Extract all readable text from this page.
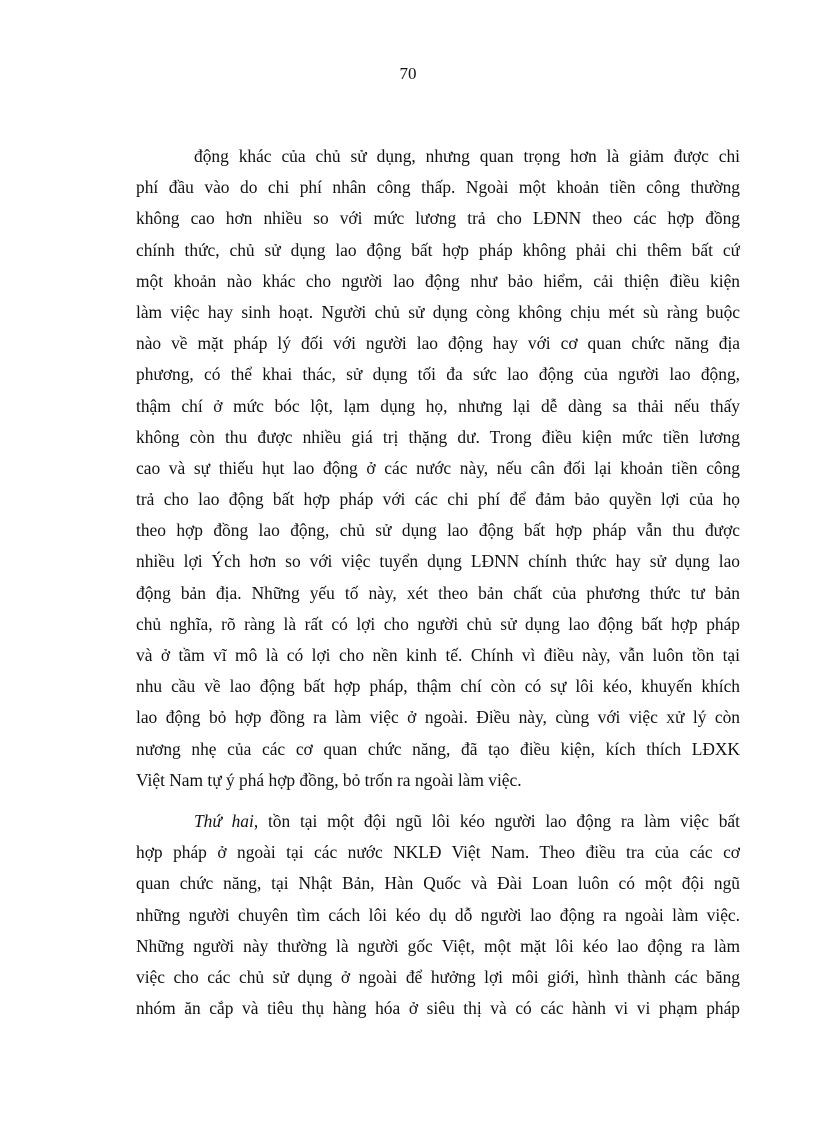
70
động khác của chủ sử dụng, nhưng quan trọng hơn là giảm được chi
phí đầu vào do chi phí nhân công thấp. Ngoài một khoản tiền công thường
không cao hơn nhiều so với mức lương trả cho LĐNN theo các hợp đồng
chính thức, chủ sử dụng lao động bất hợp pháp không phải chi thêm bất cứ
một khoản nào khác cho người lao động như bảo hiểm, cải thiện điều kiện
làm việc hay sinh hoạt. Người chủ sử dụng còng không chịu mét sù ràng buộc
nào về mặt pháp lý đối với người lao động hay với cơ quan chức năng địa
phương, có thể khai thác, sử dụng tối đa sức lao động của người lao động,
thậm chí ở mức bóc lột, lạm dụng họ, nhưng lại dễ dàng sa thải nếu thấy
không còn thu được nhiều giá trị thặng dư. Trong điều kiện mức tiền lương
cao và sự thiếu hụt lao động ở các nước này, nếu cân đối lại khoản tiền công
trả cho lao động bất hợp pháp với các chi phí để đảm bảo quyền lợi của họ
theo hợp đồng lao động, chủ sử dụng lao động bất hợp pháp vẫn thu được
nhiều lợi Ých hơn so với việc tuyển dụng LĐNN chính thức hay sử dụng lao
động bản địa. Những yếu tố này, xét theo bản chất của phương thức tư bản
chủ nghĩa, rõ ràng là rất có lợi cho người chủ sử dụng lao động bất hợp pháp
và ở tầm vĩ mô là có lợi cho nền kinh tế. Chính vì điều này, vẫn luôn tồn tại
nhu cầu về lao động bất hợp pháp, thậm chí còn có sự lôi kéo, khuyến khích
lao động bỏ hợp đồng ra làm việc ở ngoài. Điều này, cùng với việc xử lý còn
nương nhẹ của các cơ quan chức năng, đã tạo điều kiện, kích thích LĐXK
Việt Nam tự ý phá hợp đồng, bỏ trốn ra ngoài làm việc.
Thứ hai, tồn tại một đội ngũ lôi kéo người lao động ra làm việc bất
hợp pháp ở ngoài tại các nước NKLĐ Việt Nam. Theo điều tra của các cơ
quan chức năng, tại Nhật Bản, Hàn Quốc và Đài Loan luôn có một đội ngũ
những người chuyên tìm cách lôi kéo dụ dỗ người lao động ra ngoài làm việc.
Những người này thường là người gốc Việt, một mặt lôi kéo lao động ra làm
việc cho các chủ sử dụng ở ngoài để hưởng lợi môi giới, hình thành các băng
nhóm ăn cắp và tiêu thụ hàng hóa ở siêu thị và có các hành vi vi phạm pháp
